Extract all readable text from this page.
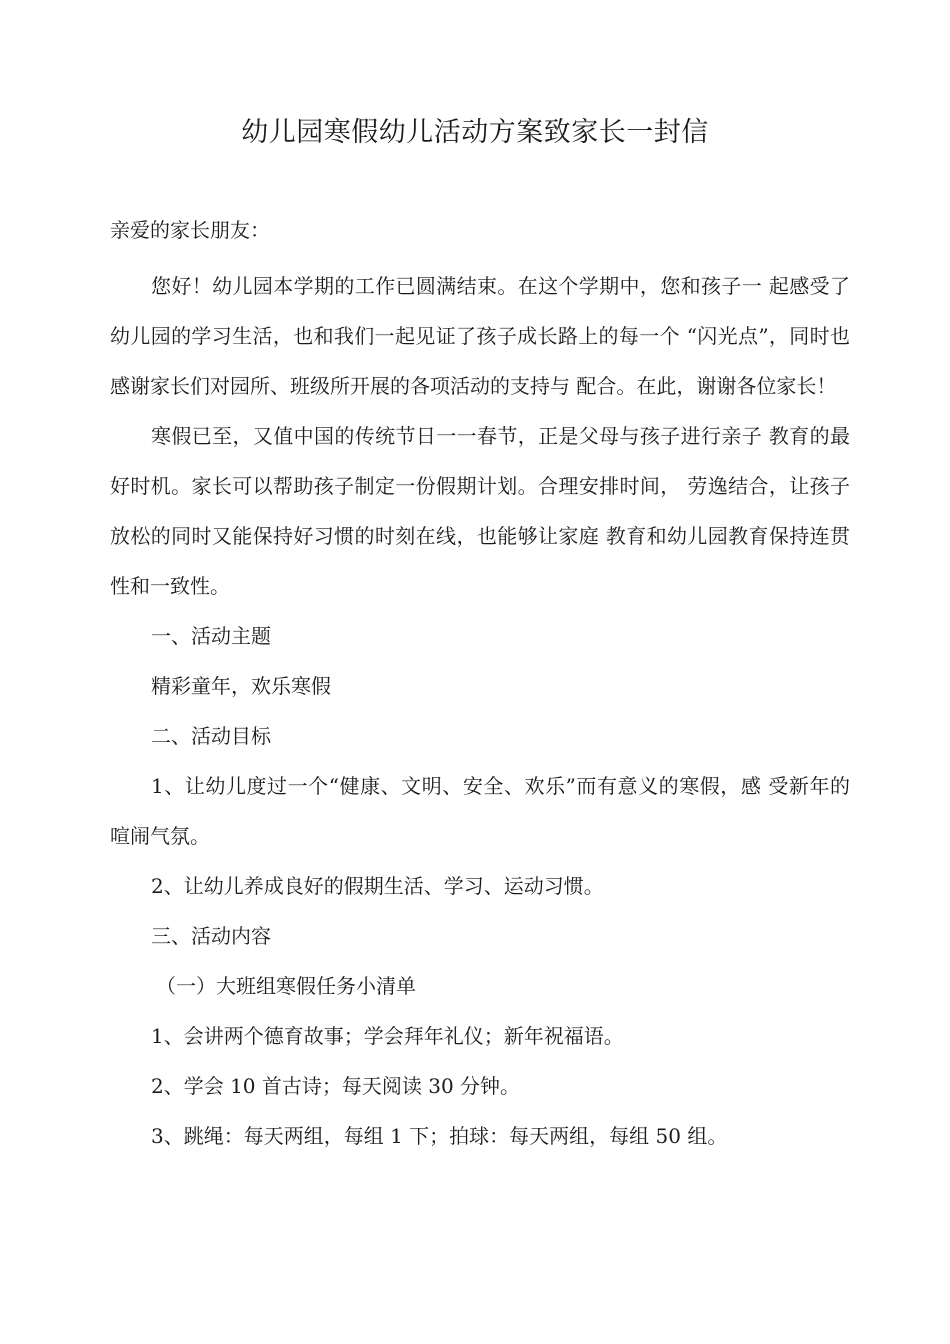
幼儿园寒假幼儿活动方案致家长一封信
亲爱的家长朋友：

您好！幼儿园本学期的工作已圆满结束。在这个学期中，您和孩子一 起感受了幼儿园的学习生活，也和我们一起见证了孩子成长路上的每一个 “闪光点”，同时也感谢家长们对园所、班级所开展的各项活动的支持与 配合。在此，谢谢各位家长！

寒假已至，又值中国的传统节日一一春节，正是父母与孩子进行亲子 教育的最好时机。家长可以帮助孩子制定一份假期计划。合理安排时间， 劳逸结合，让孩子放松的同时又能保持好习惯的时刻在线，也能够让家庭 教育和幼儿园教育保持连贯性和一致性。

一、活动主题

精彩童年，欢乐寒假

二、活动目标

1、让幼儿度过一个“健康、文明、安全、欢乐”而有意义的寒假，感 受新年的喧闹气氛。

2、让幼儿养成良好的假期生活、学习、运动习惯。

三、活动内容

（一）大班组寒假任务小清单

1、会讲两个德育故事；学会拜年礼仪；新年祝福语。

2、学会 10 首古诗；每天阅读 30 分钟。

3、跳绳：每天两组，每组 1 下；拍球：每天两组，每组 50 组。
